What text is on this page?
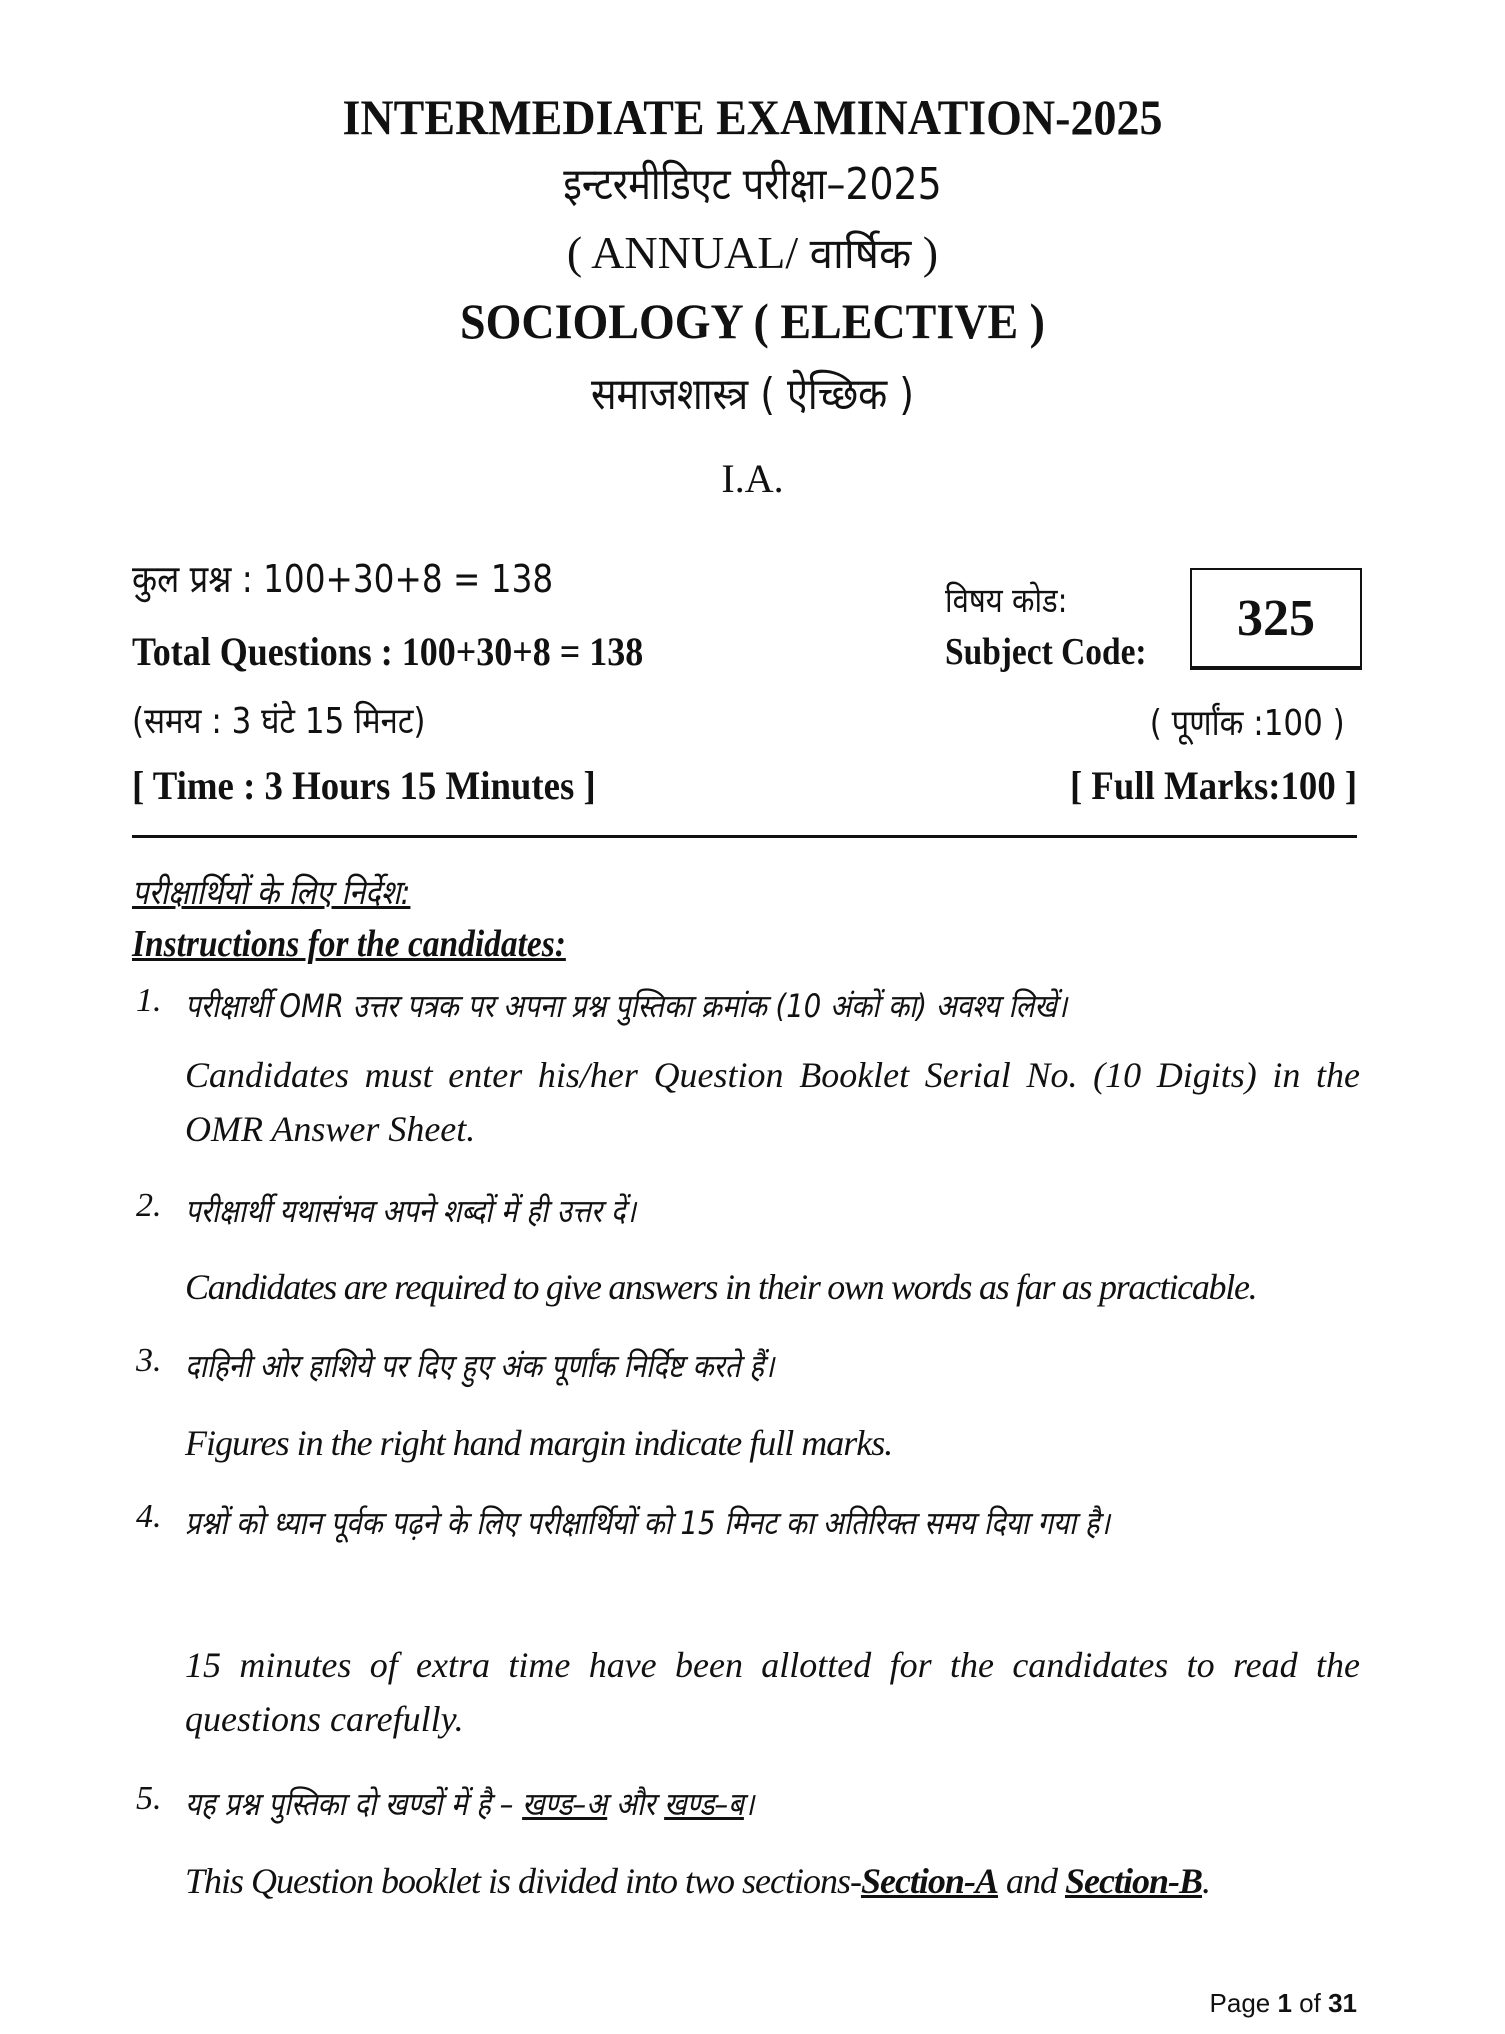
INTERMEDIATE EXAMINATION-2025
इन्टरमीडिएट परीक्षा–2025
( ANNUAL/ वार्षिक )
SOCIOLOGY ( ELECTIVE )
समाजशास्त्र ( ऐच्छिक )
I.A.
कुल प्रश्न : 100+30+8 = 138
Total Questions : 100+30+8 = 138
विषय कोड:
Subject Code:
325
(समय : 3 घंटे 15 मिनट)
[ Time : 3 Hours 15 Minutes ]
( पूर्णांक :100 )
[ Full Marks:100 ]
परीक्षार्थियों के लिए निर्देश:
Instructions for the candidates:
1. परीक्षार्थी OMR उत्तर पत्रक पर अपना प्रश्न पुस्तिका क्रमांक (10 अंकों का) अवश्य लिखें।
Candidates must enter his/her Question Booklet Serial No. (10 Digits) in the OMR Answer Sheet.
2. परीक्षार्थी यथासंभव अपने शब्दों में ही उत्तर दें।
Candidates are required to give answers in their own words as far as practicable.
3. दाहिनी ओर हाशिये पर दिए हुए अंक पूर्णांक निर्दिष्ट करते हैं।
Figures in the right hand margin indicate full marks.
4. प्रश्नों को ध्यान पूर्वक पढ़ने के लिए परीक्षार्थियों को 15 मिनट का अतिरिक्त समय दिया गया है।
15 minutes of extra time have been allotted for the candidates to read the questions carefully.
5. यह प्रश्न पुस्तिका दो खण्डों में है – खण्ड–अ और खण्ड–ब।
This Question booklet is divided into two sections-Section-A and Section-B.
Page 1 of 31
